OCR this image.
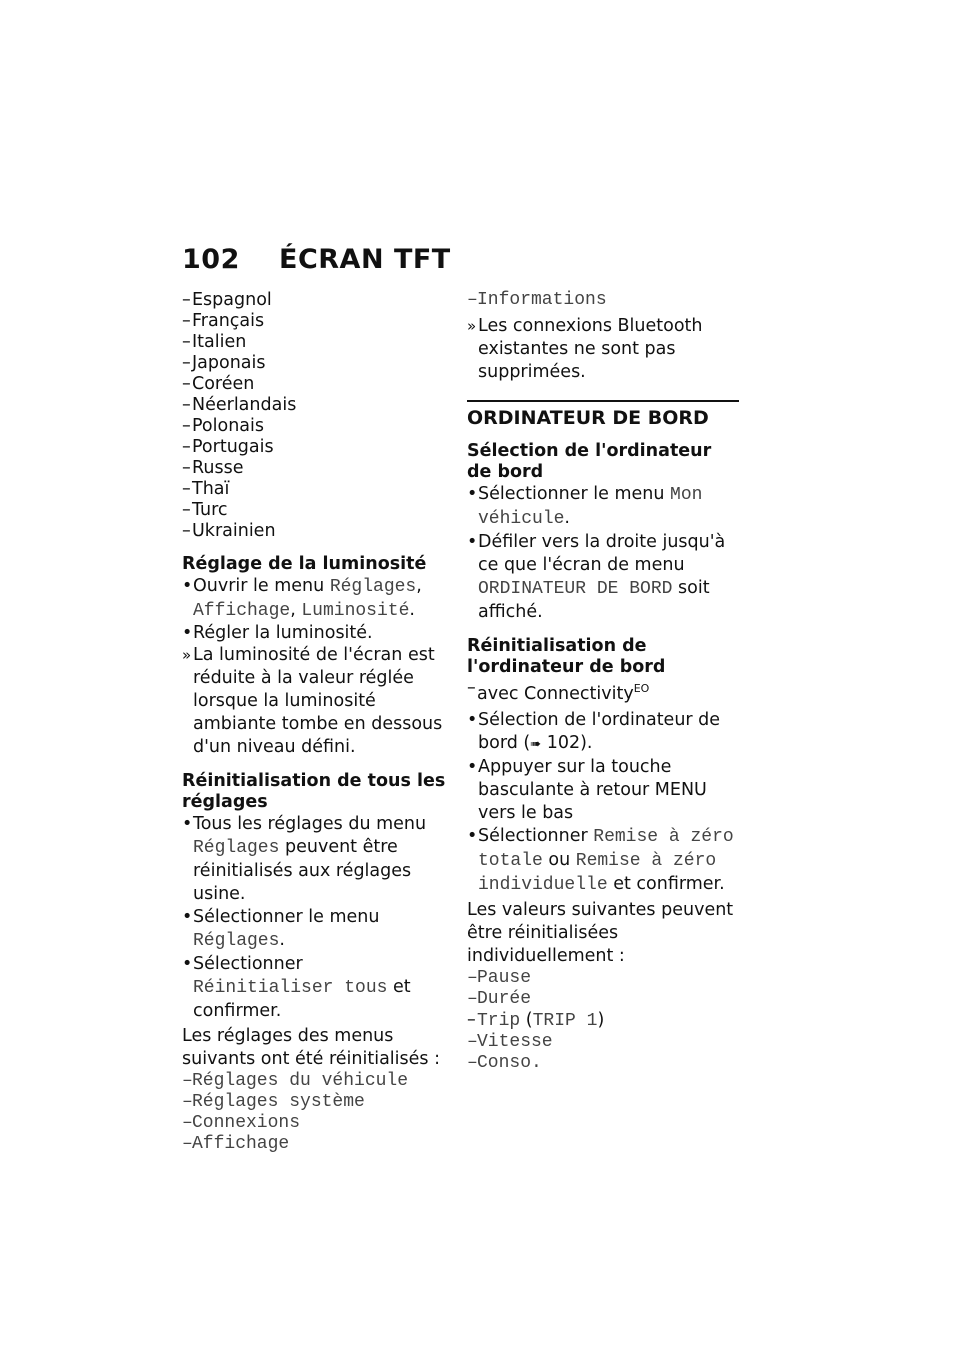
102 ÉCRAN TFT
– Espagnol
– Français
– Italien
– Japonais
– Coréen
– Néerlandais
– Polonais
– Portugais
– Russe
– Thaï
– Turc
– Ukrainien
Réglage de la luminosité
• Ouvrir le menu Réglages, Affichage, Luminosité.
• Régler la luminosité.
» La luminosité de l'écran est réduite à la valeur réglée lorsque la luminosité ambiante tombe en dessous d'un niveau défini.
Réinitialisation de tous les réglages
• Tous les réglages du menu Réglages peuvent être réinitialisés aux réglages usine.
• Sélectionner le menu Réglages.
• Sélectionner Réinitialiser tous et confirmer.
Les réglages des menus suivants ont été réinitialisés :
– Réglages du véhicule
– Réglages système
– Connexions
– Affichage
– Informations
» Les connexions Bluetooth existantes ne sont pas supprimées.
ORDINATEUR DE BORD
Sélection de l'ordinateur de bord
• Sélectionner le menu Mon véhicule.
• Défiler vers la droite jusqu'à ce que l'écran de menu ORDINATEUR DE BORD soit affiché.
Réinitialisation de l'ordinateur de bord
– avec Connectivity$^{EO}$
• Sélection de l'ordinateur de bord (➠ 102).
• Appuyer sur la touche basculante à retour MENU vers le bas
• Sélectionner Remise à zéro totale ou Remise à zéro individuelle et confirmer.
Les valeurs suivantes peuvent être réinitialisées individuellement :
– Pause
– Durée
– Trip (TRIP 1)
– Vitesse
– Conso.
